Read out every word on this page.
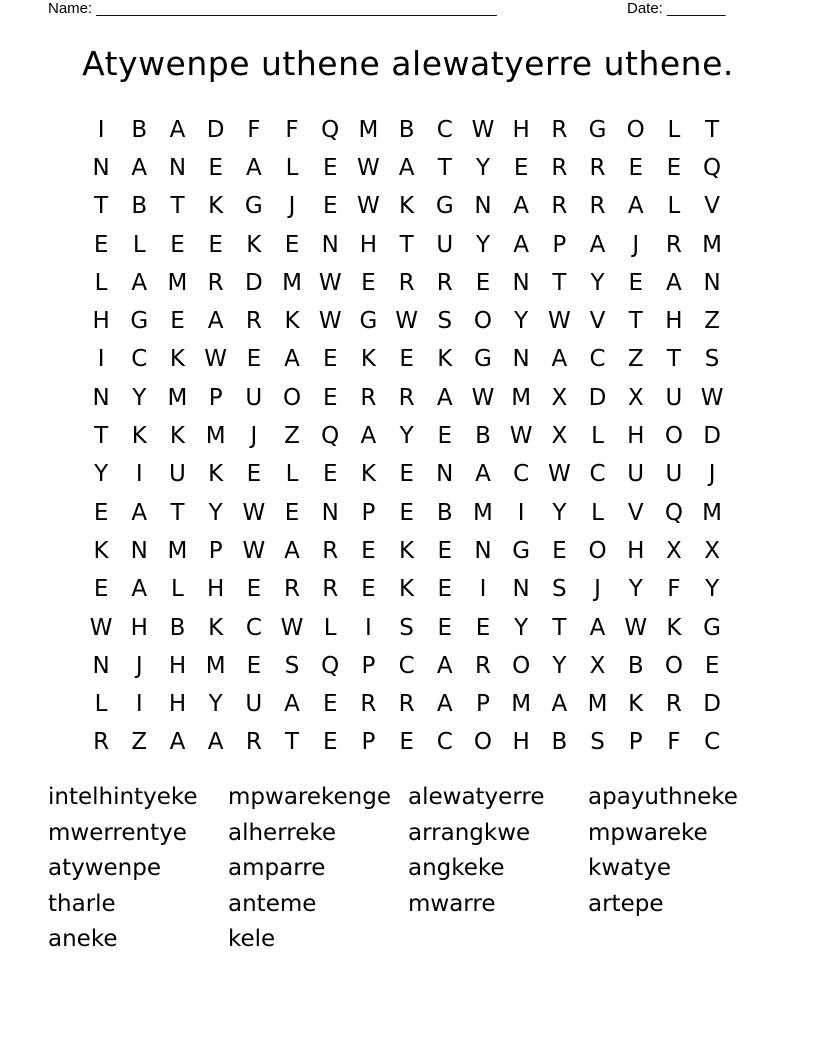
Name: ________________________________________________	Date: _______
Atywenpe uthene alewatyerre uthene.
I	B A D F	F Q M B C W H R G O L	T
N A N E	A	L	E W A	T	Y	E R R E	E Q
T	B	T	K G	J	E W K G N A R R A	L	V
E	L	E	E	K	E N H T U Y	A	P	A	J	R M
L	A M R D M W E R R E N T	Y	E	A N
H G E	A R K W G W S O Y W V	T H Z
I	C K W E	A	E	K	E	K G N A C Z	T	S
N Y M P U O E R R A W M X D X U W
T	K	K M	J	Z Q A	Y	E	B W X	L	H O D
Y	I	U K	E	L	E	K	E N A C W C U U	J
E	A	T	Y W E N P	E	B M	I	Y	L	V Q M
K N M P W A R E	K	E N G E O H X X
E	A	L	H E R R E	K	E	I	N S	J	Y	F	Y
W H B K C W L	I	S	E	E	Y	T	A W K G
N	J	H M E	S Q P	C A R O Y	X B O E
L	I	H Y U A	E R R A	P M A M K R D
R Z A A R	T	E	P	E C O H B S	P	F	C
intelhintyeke	mpwarekenge alewatyerre	apayuthneke
mwerrentye	alherreke	arrangkwe	mpwareke
atywenpe	amparre	angkeke	kwatye
tharle	anteme	mwarre	artepe
aneke	kele
